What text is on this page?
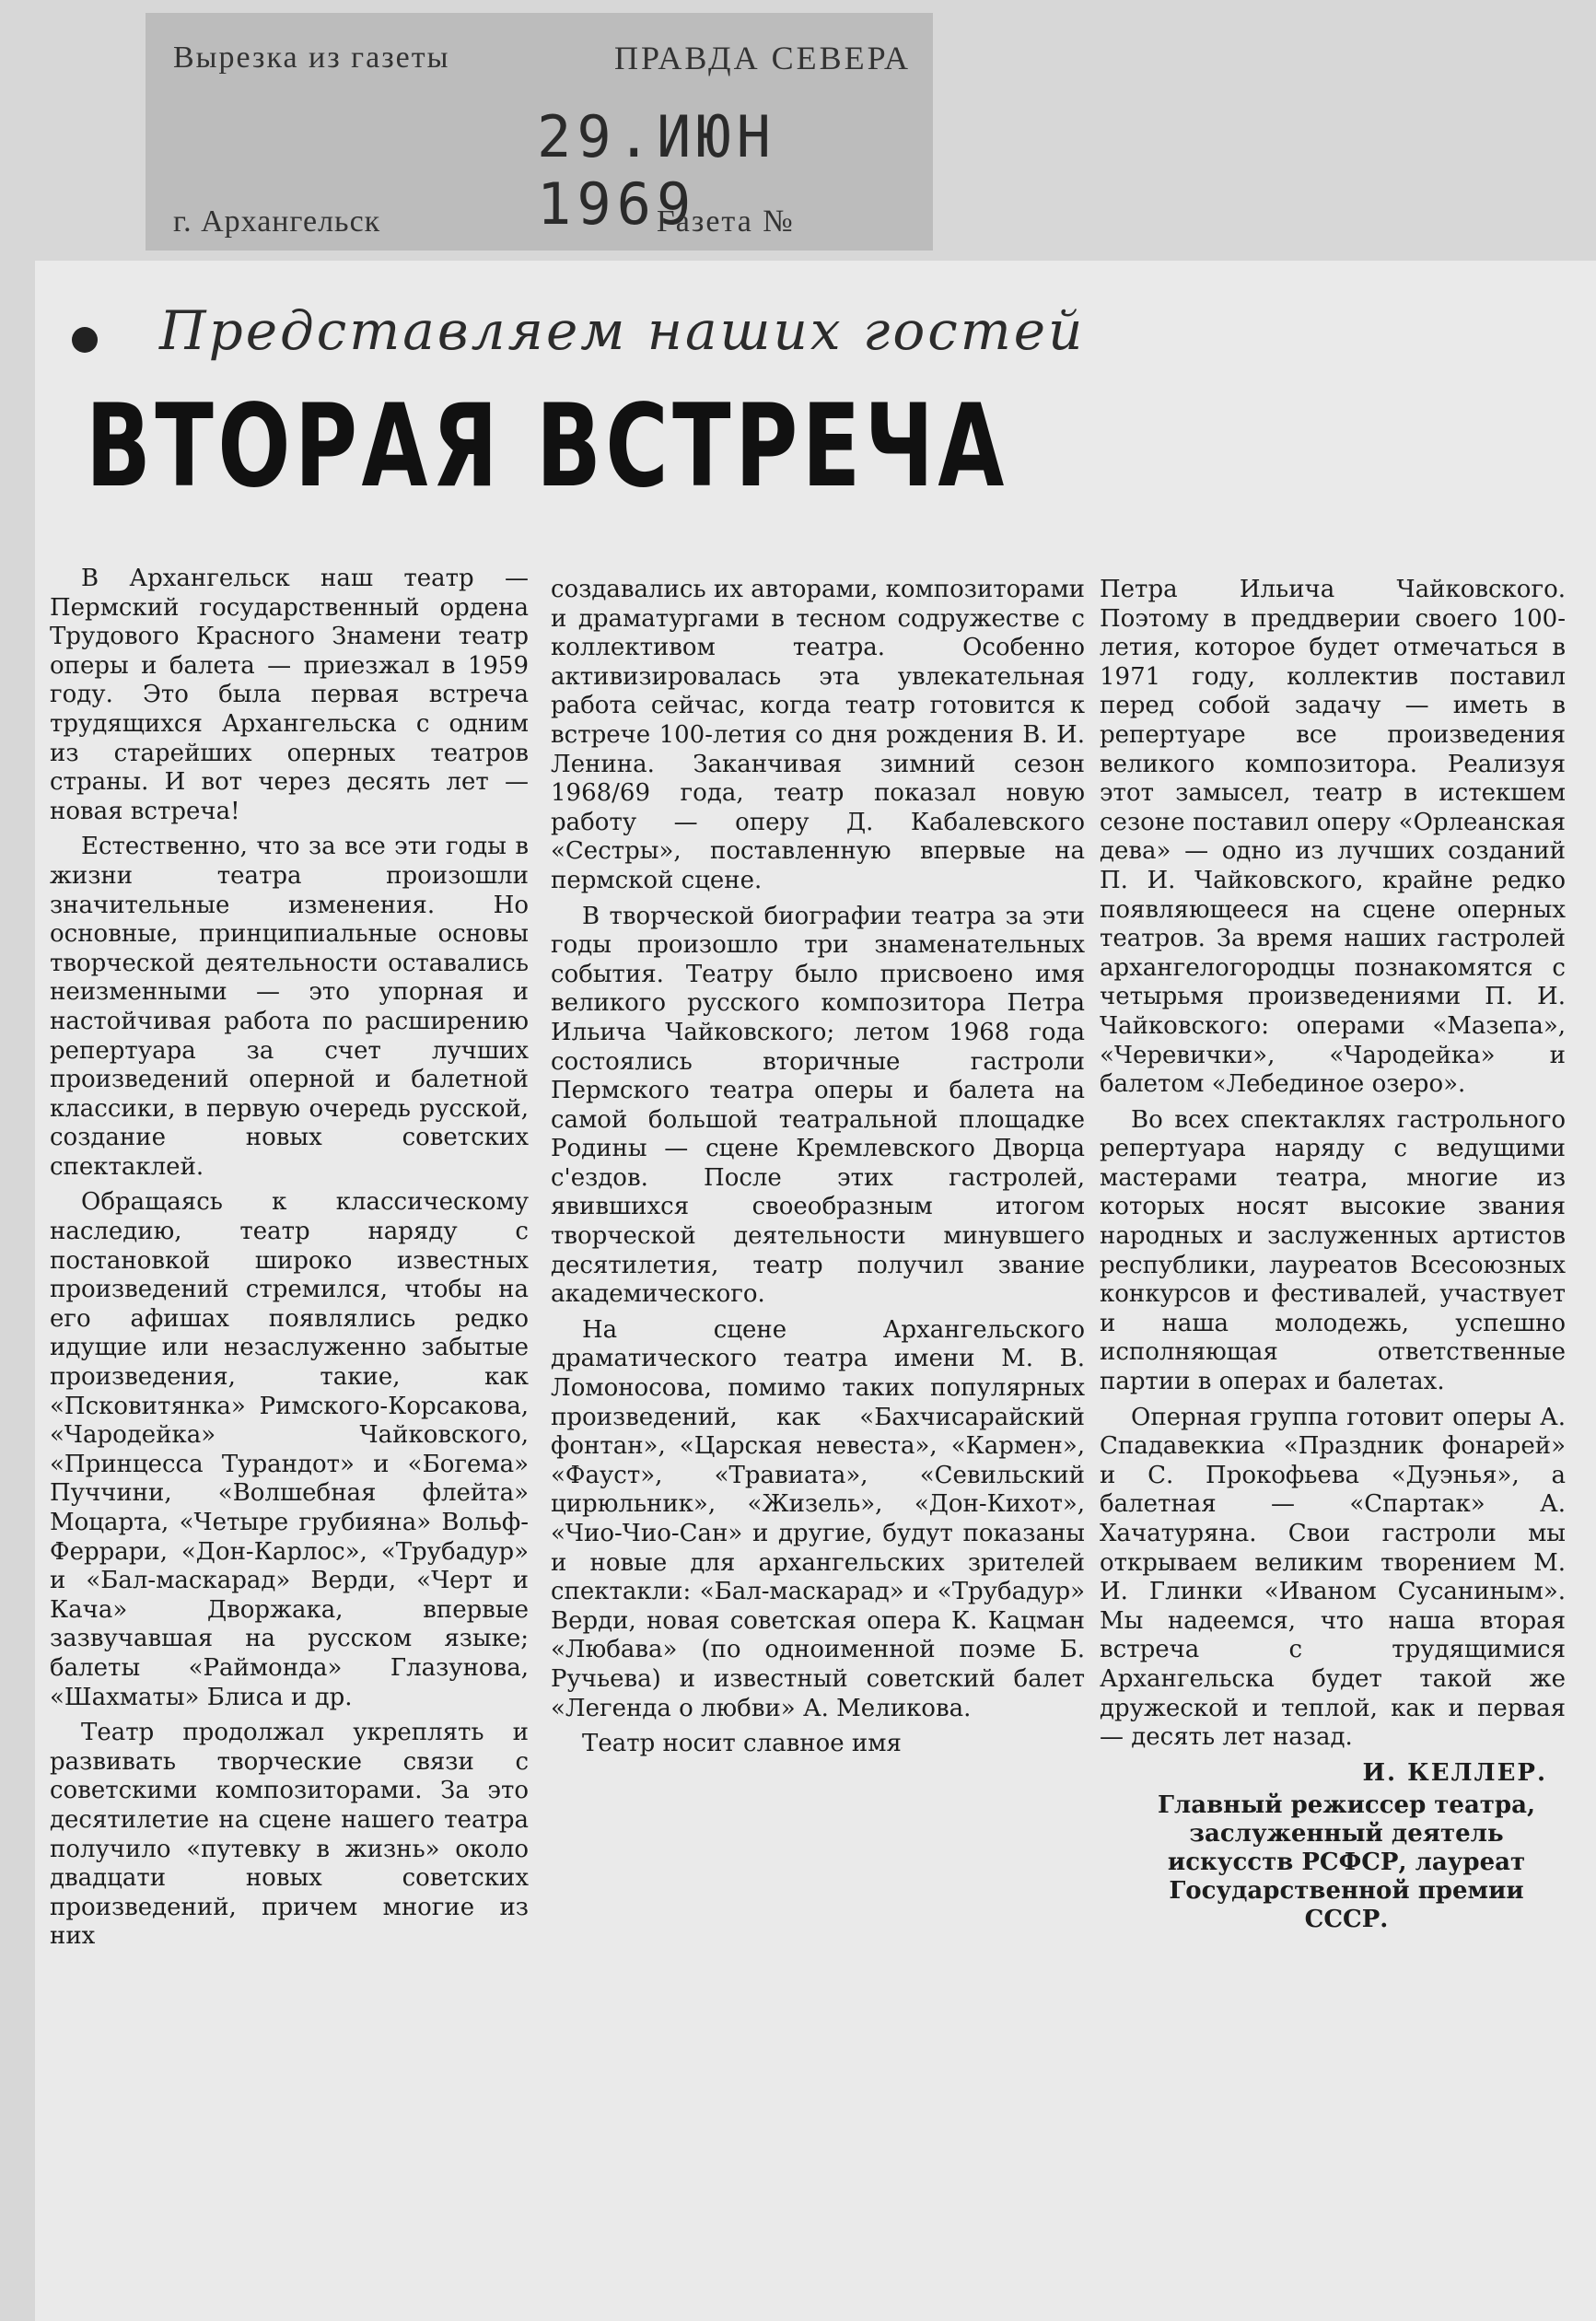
Вырезка из газеты	ПРАВДА СЕВЕРА
29.ИЮН 1969
г. Архангельск	Газета №
Представляем наших гостей
ВТОРАЯ ВСТРЕЧА

В Архангельск наш театр — Пермский государственный ордена Трудового Красного Знамени театр оперы и балета — приезжал в 1959 году. Это была первая встреча трудящихся Архангельска с одним из старейших оперных театров страны. И вот через десять лет — новая встреча!

Естественно, что за все эти годы в жизни театра произошли значительные изменения. Но основные, принципиальные основы творческой деятельности оставались неизменными — это упорная и настойчивая работа по расширению репертуара за счет лучших произведений оперной и балетной классики, в первую очередь русской, создание новых советских спектаклей.

Обращаясь к классическому наследию, театр наряду с постановкой широко известных произведений стремился, чтобы на его афишах появлялись редко идущие или незаслуженно забытые произведения, такие, как «Псковитянка» Римского-Корсакова, «Чародейка» Чайковского, «Принцесса Турандот» и «Богема» Пуччини, «Волшебная флейта» Моцарта, «Четыре грубияна» Вольф-Феррари, «Дон-Карлос», «Трубадур» и «Бал-маскарад» Верди, «Черт и Кача» Дворжака, впервые зазвучавшая на русском языке; балеты «Раймонда» Глазунова, «Шахматы» Блиса и др.

Театр продолжал укреплять и развивать творческие связи с советскими композиторами. За это десятилетие на сцене нашего театра получило «путевку в жизнь» около двадцати новых советских произведений, причем многие из них

создавались их авторами, композиторами и драматургами в тесном содружестве с коллективом театра. Особенно активизировалась эта увлекательная работа сейчас, когда театр готовится к встрече 100-летия со дня рождения В. И. Ленина. Заканчивая зимний сезон 1968/69 года, театр показал новую работу — оперу Д. Кабалевского «Сестры», поставленную впервые на пермской сцене.

В творческой биографии театра за эти годы произошло три знаменательных события. Театру было присвоено имя великого русского композитора Петра Ильича Чайковского; летом 1968 года состоялись вторичные гастроли Пермского театра оперы и балета на самой большой театральной площадке Родины — сцене Кремлевского Дворца с'ездов. После этих гастролей, явившихся своеобразным итогом творческой деятельности минувшего десятилетия, театр получил звание академического.

На сцене Архангельского драматического театра имени М. В. Ломоносова, помимо таких популярных произведений, как «Бахчисарайский фонтан», «Царская невеста», «Кармен», «Фауст», «Травиата», «Севильский цирюльник», «Жизель», «Дон-Кихот», «Чио-Чио-Сан» и другие, будут показаны и новые для архангельских зрителей спектакли: «Бал-маскарад» и «Трубадур» Верди, новая советская опера К. Кацман «Любава» (по одноименной поэме Б. Ручьева) и известный советский балет «Легенда о любви» А. Меликова.

Театр носит славное имя

Петра Ильича Чайковского. Поэтому в преддверии своего 100-летия, которое будет отмечаться в 1971 году, коллектив поставил перед собой задачу — иметь в репертуаре все произведения великого композитора. Реализуя этот замысел, театр в истекшем сезоне поставил оперу «Орлеанская дева» — одно из лучших созданий П. И. Чайковского, крайне редко появляющееся на сцене оперных театров. За время наших гастролей архангелогородцы познакомятся с четырьмя произведениями П. И. Чайковского: операми «Мазепа», «Черевички», «Чародейка» и балетом «Лебединое озеро».

Во всех спектаклях гастрольного репертуара наряду с ведущими мастерами театра, многие из которых носят высокие звания народных и заслуженных артистов республики, лауреатов Всесоюзных конкурсов и фестивалей, участвует и наша молодежь, успешно исполняющая ответственные партии в операх и балетах.

Оперная группа готовит оперы А. Спадавеккиа «Праздник фонарей» и С. Прокофьева «Дуэнья», а балетная — «Спартак» А. Хачатуряна. Свои гастроли мы открываем великим творением М. И. Глинки «Иваном Сусаниным». Мы надеемся, что наша вторая встреча с трудящимися Архангельска будет такой же дружеской и теплой, как и первая — десять лет назад.

И. КЕЛЛЕР.
Главный режиссер театра, заслуженный деятель искусств РСФСР, лауреат Государственной премии СССР.
